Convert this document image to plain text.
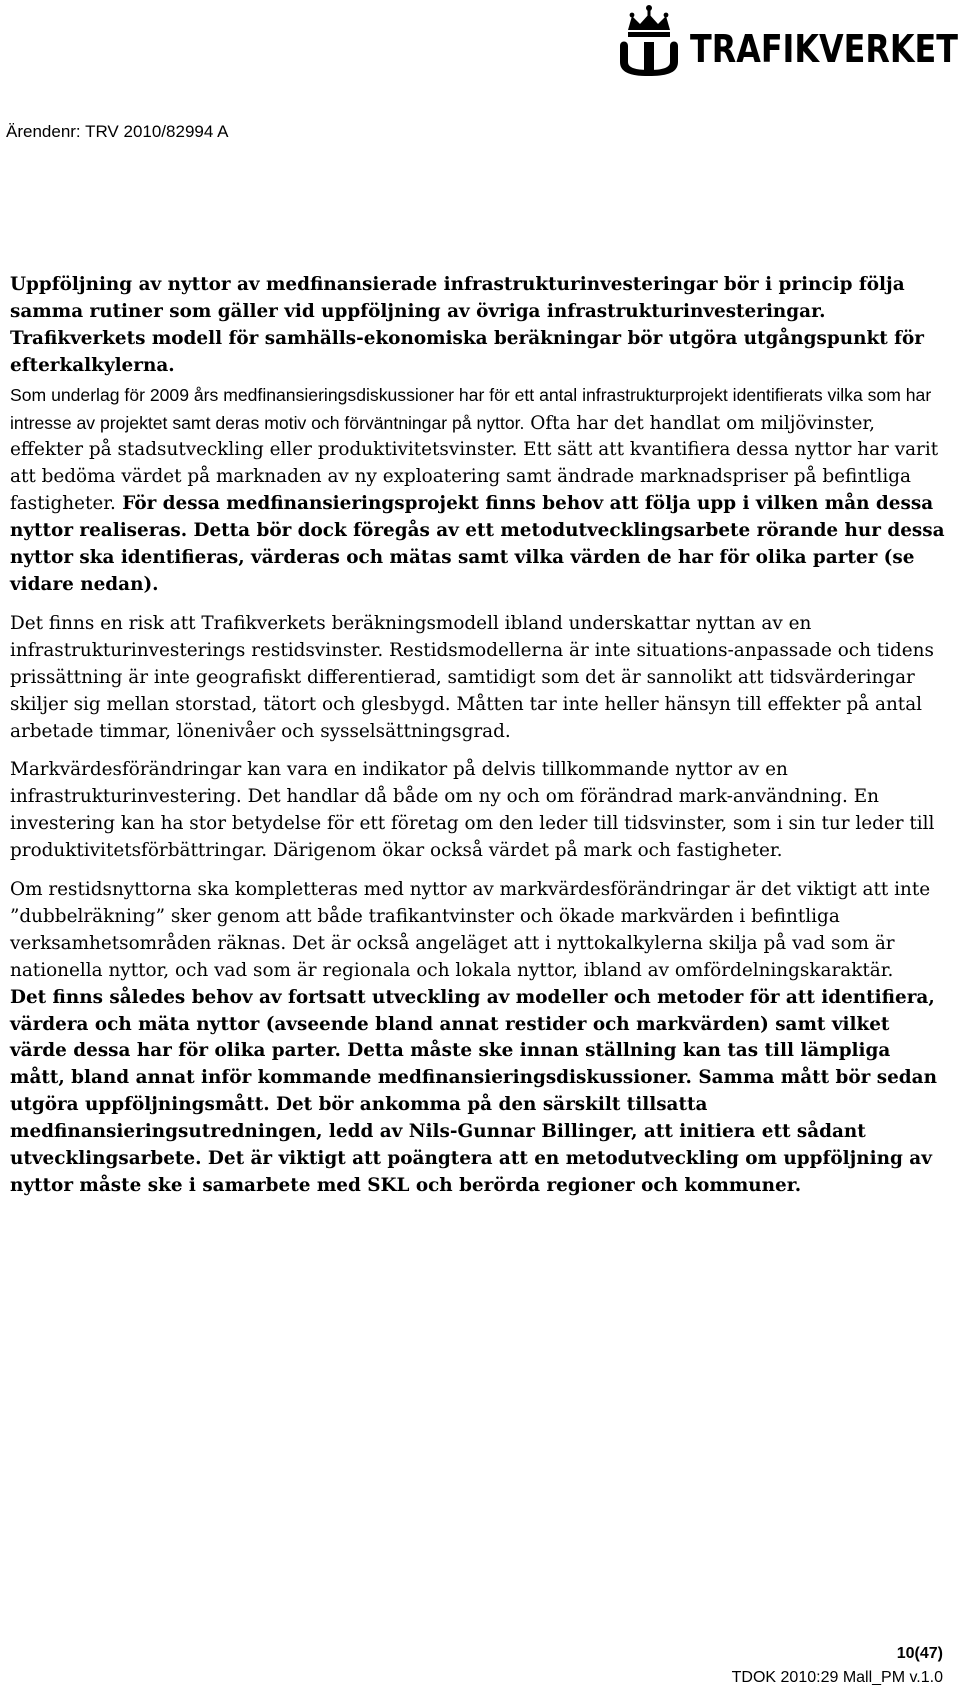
TRAFIKVERKET
Ärendenr: TRV 2010/82994 A

Uppföljning av nyttor av medfinansierade infrastrukturinvesteringar bör i princip följa samma rutiner som gäller vid uppföljning av övriga infrastrukturinvesteringar. Trafikverkets modell för samhälls-ekonomiska beräkningar bör utgöra utgångspunkt för efterkalkylerna.

Som underlag för 2009 års medfinansieringsdiskussioner har för ett antal infrastrukturprojekt identifierats vilka som har intresse av projektet samt deras motiv och förväntningar på nyttor. Ofta har det handlat om miljövinster, effekter på stadsutveckling eller produktivitetsvinster. Ett sätt att kvantifiera dessa nyttor har varit att bedöma värdet på marknaden av ny exploatering samt ändrade marknadspriser på befintliga fastigheter. För dessa medfinansieringsprojekt finns behov att följa upp i vilken mån dessa nyttor realiseras. Detta bör dock föregås av ett metodutvecklingsarbete rörande hur dessa nyttor ska identifieras, värderas och mätas samt vilka värden de har för olika parter (se vidare nedan).

Det finns en risk att Trafikverkets beräkningsmodell ibland underskattar nyttan av en infrastrukturinvesterings restidsvinster. Restidsmodellerna är inte situations-anpassade och tidens prissättning är inte geografiskt differentierad, samtidigt som det är sannolikt att tidsvärderingar skiljer sig mellan storstad, tätort och glesbygd. Måtten tar inte heller hänsyn till effekter på antal arbetade timmar, lönenivåer och sysselsättningsgrad.

Markvärdesförändringar kan vara en indikator på delvis tillkommande nyttor av en infrastrukturinvestering. Det handlar då både om ny och om förändrad mark-användning. En investering kan ha stor betydelse för ett företag om den leder till tidsvinster, som i sin tur leder till produktivitetsförbättringar. Därigenom ökar också värdet på mark och fastigheter.

Om restidsnyttorna ska kompletteras med nyttor av markvärdesförändringar är det viktigt att inte ”dubbelräkning” sker genom att både trafikantvinster och ökade markvärden i befintliga verksamhetsområden räknas. Det är också angeläget att i nyttokalkylerna skilja på vad som är nationella nyttor, och vad som är regionala och lokala nyttor, ibland av omfördelningskaraktär.

Det finns således behov av fortsatt utveckling av modeller och metoder för att identifiera, värdera och mäta nyttor (avseende bland annat restider och markvärden) samt vilket värde dessa har för olika parter. Detta måste ske innan ställning kan tas till lämpliga mått, bland annat inför kommande medfinansieringsdiskussioner. Samma mått bör sedan utgöra uppföljningsmått. Det bör ankomma på den särskilt tillsatta medfinansieringsutredningen, ledd av Nils-Gunnar Billinger, att initiera ett sådant utvecklingsarbete. Det är viktigt att poängtera att en metodutveckling om uppföljning av nyttor måste ske i samarbete med SKL och berörda regioner och kommuner.

10(47)
TDOK 2010:29 Mall_PM v.1.0
